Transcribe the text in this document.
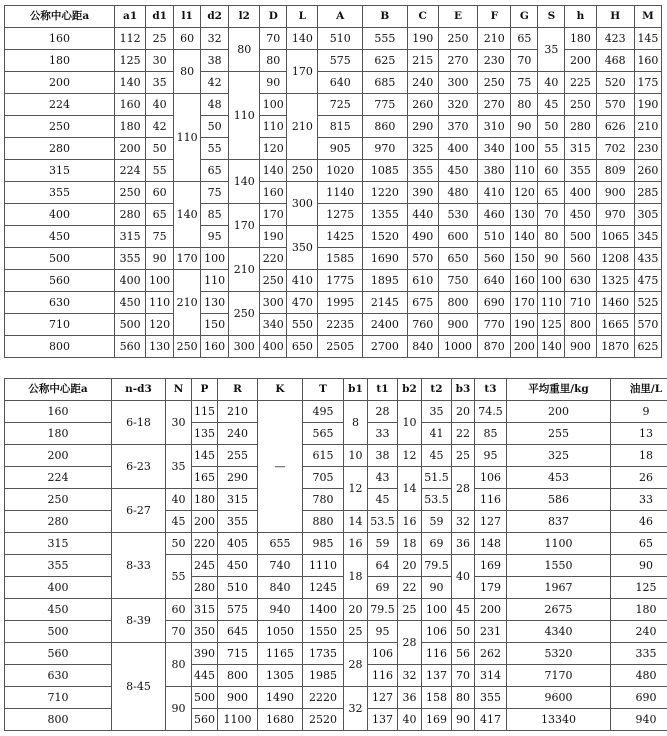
公称中心距a	a1	d1	l1	d2	l2	D	L	A	B	C	E	F	G	S	h	H	M
160	112	25	60	32	80	70	140	510	555	190	250	210	65	35	180	423	145
180	125	30	80	38		80	170	575	625	215	270	230	70		200	468	160
200	140	35		42	110	90		640	685	240	300	250	75	40	225	520	175
224	160	40	110	48		100	210	725	775	260	320	270	80	45	250	570	190
250	180	42		50		110		815	860	290	370	310	90	50	280	626	210
280	200	50		55		120		905	970	325	400	340	100	55	315	702	230
315	224	55		65	140	140	250	1020	1085	355	450	380	110	60	355	809	260
355	250	60	140	75		160	300	1140	1220	390	480	410	120	65	400	900	285
400	280	65		85	170	170		1275	1355	440	530	460	130	70	450	970	305
450	315	75		95		190	350	1425	1520	490	600	510	140	80	500	1065	345
500	355	90	170	100	210	220		1585	1690	570	650	560	150	90	560	1208	435
560	400	100	210	110		250	410	1775	1895	610	750	640	160	100	630	1325	475
630	450	110		130	250	300	470	1995	2145	675	800	690	170	110	710	1460	525
710	500	120		150		340	550	2235	2400	760	900	770	190	125	800	1665	570
800	560	130	250	160	300	400	650	2505	2700	840	1000	870	200	140	900	1870	625
公称中心距a	n-d3	N	P	R	K	T	b1	t1	b2	t2	b3	t3	平均重里/kg	油里/L
160	6-18	30	115	210	—	495	8	28	10	35	20	74.5	200	9
180			135	240		565		33		41	22	85	255	13
200	6-23	35	145	255		615	10	38	12	45	25	95	325	18
224			165	290		705	12	43	14	51.5	28	106	453	26
250	6-27	40	180	315		780		45		53.5		116	586	33
280		45	200	355		880	14	53.5	16	59	32	127	837	46
315	8-33	50	220	405	655	985	16	59	18	69	36	148	1100	65
355		55	245	450	740	1110	18	64	20	79.5	40	169	1550	90
400			280	510	840	1245		69	22	90		179	1967	125
450	8-39	60	315	575	940	1400	20	79.5	25	100	45	200	2675	180
500		70	350	645	1050	1550	25	95	28	106	50	231	4340	240
560	8-45	80	390	715	1165	1735	28	106		116	56	262	5320	335
630			445	800	1305	1985		116	32	137	70	314	7170	480
710		90	500	900	1490	2220	32	127	36	158	80	355	9600	690
800			560	1100	1680	2520		137	40	169	90	417	13340	940
